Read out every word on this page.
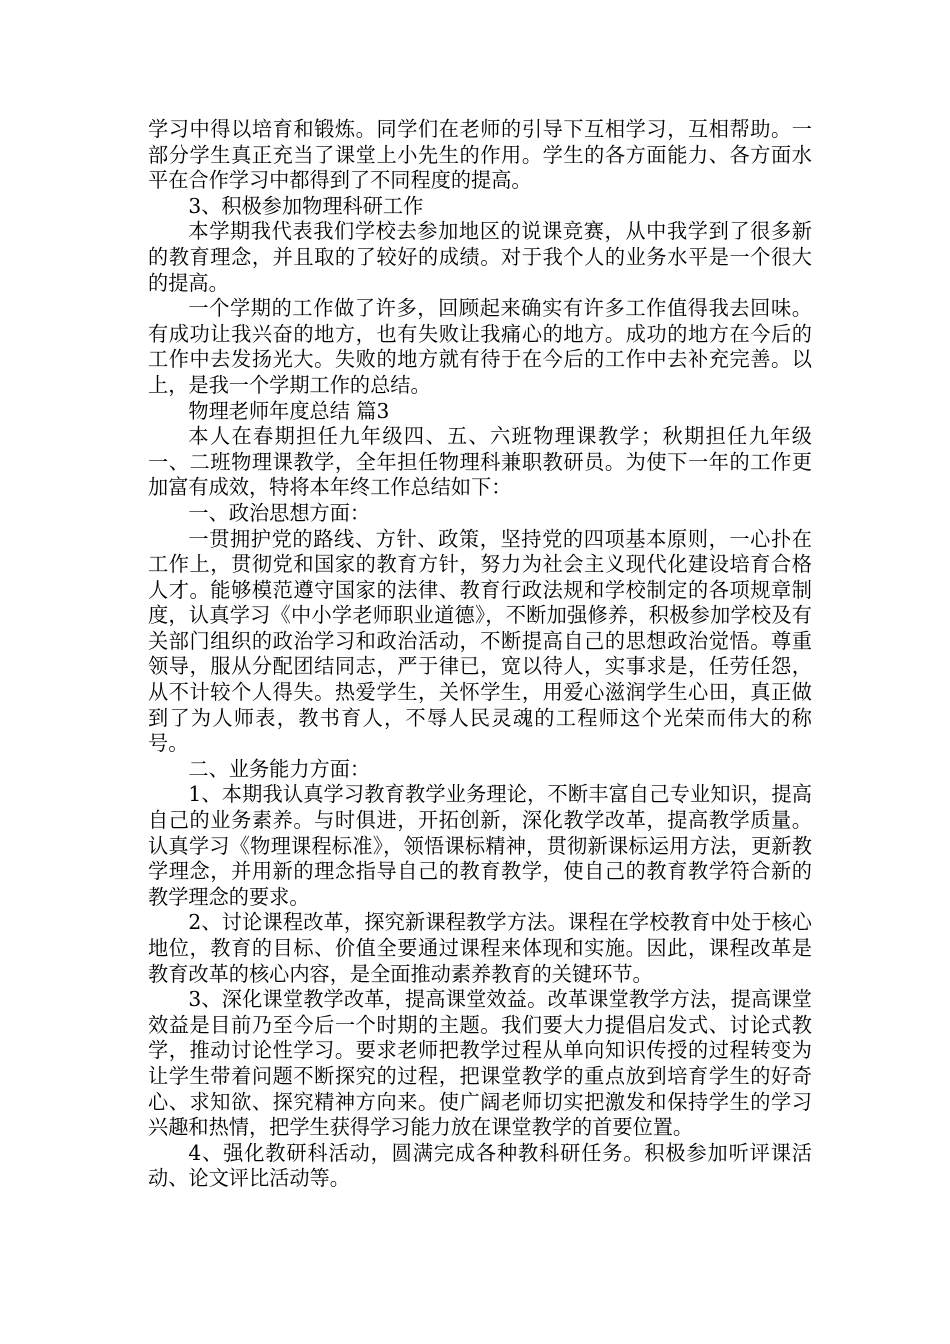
学习中得以培育和锻炼。同学们在老师的引导下互相学习，互相帮助。一部分学生真正充当了课堂上小先生的作用。学生的各方面能力、各方面水平在合作学习中都得到了不同程度的提高。

3、积极参加物理科研工作

本学期我代表我们学校去参加地区的说课竞赛，从中我学到了很多新的教育理念，并且取的了较好的成绩。对于我个人的业务水平是一个很大的提高。

一个学期的工作做了许多，回顾起来确实有许多工作值得我去回味。有成功让我兴奋的地方，也有失败让我痛心的地方。成功的地方在今后的工作中去发扬光大。失败的地方就有待于在今后的工作中去补充完善。以上，是我一个学期工作的总结。

物理老师年度总结 篇3

本人在春期担任九年级四、五、六班物理课教学；秋期担任九年级一、二班物理课教学，全年担任物理科兼职教研员。为使下一年的工作更加富有成效，特将本年终工作总结如下：

一、政治思想方面：

一贯拥护党的路线、方针、政策，坚持党的四项基本原则，一心扑在工作上，贯彻党和国家的教育方针，努力为社会主义现代化建设培育合格人才。能够模范遵守国家的法律、教育行政法规和学校制定的各项规章制度，认真学习《中小学老师职业道德》，不断加强修养，积极参加学校及有关部门组织的政治学习和政治活动，不断提高自己的思想政治觉悟。尊重领导，服从分配团结同志，严于律已，宽以待人，实事求是，任劳任怨，从不计较个人得失。热爱学生，关怀学生，用爱心滋润学生心田，真正做到了为人师表，教书育人，不辱人民灵魂的工程师这个光荣而伟大的称号。

二、业务能力方面：

1、本期我认真学习教育教学业务理论，不断丰富自己专业知识，提高自己的业务素养。与时俱进，开拓创新，深化教学改革，提高教学质量。认真学习《物理课程标准》，领悟课标精神，贯彻新课标运用方法，更新教学理念，并用新的理念指导自己的教育教学，使自己的教育教学符合新的教学理念的要求。

2、讨论课程改革，探究新课程教学方法。课程在学校教育中处于核心地位，教育的目标、价值全要通过课程来体现和实施。因此，课程改革是教育改革的核心内容，是全面推动素养教育的关键环节。

3、深化课堂教学改革，提高课堂效益。改革课堂教学方法，提高课堂效益是目前乃至今后一个时期的主题。我们要大力提倡启发式、讨论式教学，推动讨论性学习。要求老师把教学过程从单向知识传授的过程转变为让学生带着问题不断探究的过程，把课堂教学的重点放到培育学生的好奇心、求知欲、探究精神方向来。使广阔老师切实把激发和保持学生的学习兴趣和热情，把学生获得学习能力放在课堂教学的首要位置。

4、强化教研科活动，圆满完成各种教科研任务。积极参加听评课活动、论文评比活动等。
